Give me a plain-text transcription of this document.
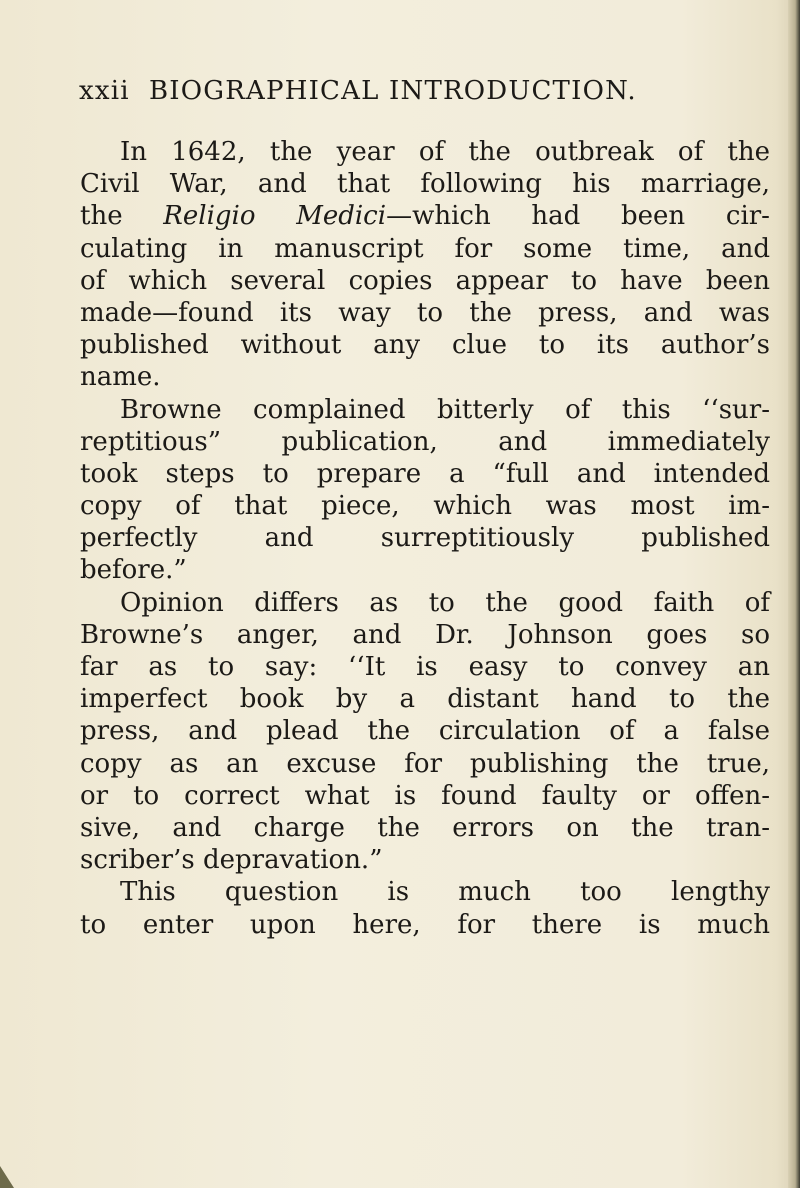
xxii BIOGRAPHICAL INTRODUCTION.
In 1642, the year of the outbreak of the
Civil War, and that following his marriage,
the Religio Medici—which had been cir-
culating in manuscript for some time, and
of which several copies appear to have been
made—found its way to the press, and was
published without any clue to its author’s
name.
Browne complained bitterly of this ‘‘sur-
reptitious” publication, and immediately
took steps to prepare a “full and intended
copy of that piece, which was most im-
perfectly and surreptitiously published
before.”
Opinion differs as to the good faith of
Browne’s anger, and Dr. Johnson goes so
far as to say: ‘‘It is easy to convey an
imperfect book by a distant hand to the
press, and plead the circulation of a false
copy as an excuse for publishing the true,
or to correct what is found faulty or offen-
sive, and charge the errors on the tran-
scriber’s depravation.”
This question is much too lengthy
to enter upon here, for there is much
